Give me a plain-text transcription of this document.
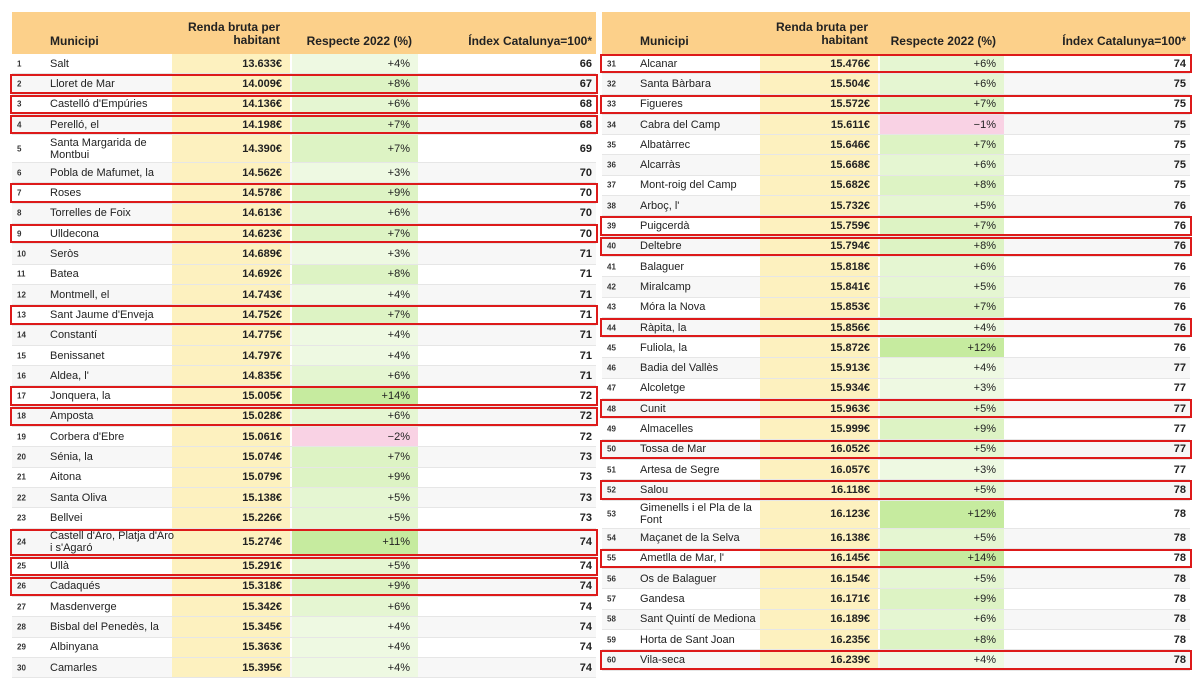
Municipi
Renda bruta per habitant	Respecte 2022 (%)	Índex Catalunya=100*
1	Salt	13.633€	+4%	66
2	Lloret de Mar	14.009€	+8%	67
3	Castelló d'Empúries	14.136€	+6%	68
4	Perelló, el	14.198€	+7%	68
5	Santa Margarida de Montbui	14.390€	+7%	69
6	Pobla de Mafumet, la	14.562€	+3%	70
7	Roses	14.578€	+9%	70
8	Torrelles de Foix	14.613€	+6%	70
9	Ulldecona	14.623€	+7%	70
10 Seròs	14.689€	+3%	71
11 Batea	14.692€	+8%	71
12 Montmell, el	14.743€	+4%	71
13 Sant Jaume d'Enveja	14.752€	+7%	71
14 Constantí	14.775€	+4%	71
15 Benissanet	14.797€	+4%	71
16 Aldea, l'	14.835€	+6%	71
17 Jonquera, la	15.005€	+14%	72
18 Amposta	15.028€	+6%	72
19 Corbera d'Ebre	15.061€	−2%	72
20 Sénia, la	15.074€	+7%	73
21 Aitona	15.079€	+9%	73
22 Santa Oliva	15.138€	+5%	73
23 Bellvei	15.226€	+5%	73
24 Castell d'Aro, Platja d'Aro i s'Agaró	15.274€	+11%	74
25 Ullà	15.291€	+5%	74
26 Cadaqués	15.318€	+9%	74
27 Masdenverge	15.342€	+6%	74
28 Bisbal del Penedès, la	15.345€	+4%	74
29 Albinyana	15.363€	+4%	74
30 Camarles	15.395€	+4%	74
Municipi
Renda bruta per habitant	Respecte 2022 (%)	Índex Catalunya=100*
31 Alcanar	15.476€	+6%	74
32 Santa Bàrbara	15.504€	+6%	75
33 Figueres	15.572€	+7%	75
34 Cabra del Camp	15.611€	−1%	75
35 Albatàrrec	15.646€	+7%	75
36 Alcarràs	15.668€	+6%	75
37 Mont-roig del Camp	15.682€	+8%	75
38 Arboç, l'	15.732€	+5%	76
39 Puigcerdà	15.759€	+7%	76
40 Deltebre	15.794€	+8%	76
41 Balaguer	15.818€	+6%	76
42 Miralcamp	15.841€	+5%	76
43 Móra la Nova	15.853€	+7%	76
44 Ràpita, la	15.856€	+4%	76
45 Fuliola, la	15.872€	+12%	76
46 Badia del Vallès	15.913€	+4%	77
47 Alcoletge	15.934€	+3%	77
48 Cunit	15.963€	+5%	77
49 Almacelles	15.999€	+9%	77
50 Tossa de Mar	16.052€	+5%	77
51 Artesa de Segre	16.057€	+3%	77
52 Salou	16.118€	+5%	78
53 Gimenells i el Pla de la Font	16.123€	+12%	78
54 Maçanet de la Selva	16.138€	+5%	78
55 Ametlla de Mar, l'	16.145€	+14%	78
56 Os de Balaguer	16.154€	+5%	78
57 Gandesa	16.171€	+9%	78
58 Sant Quintí de Mediona	16.189€	+6%	78
59 Horta de Sant Joan	16.235€	+8%	78
60 Vila-seca	16.239€	+4%	78
